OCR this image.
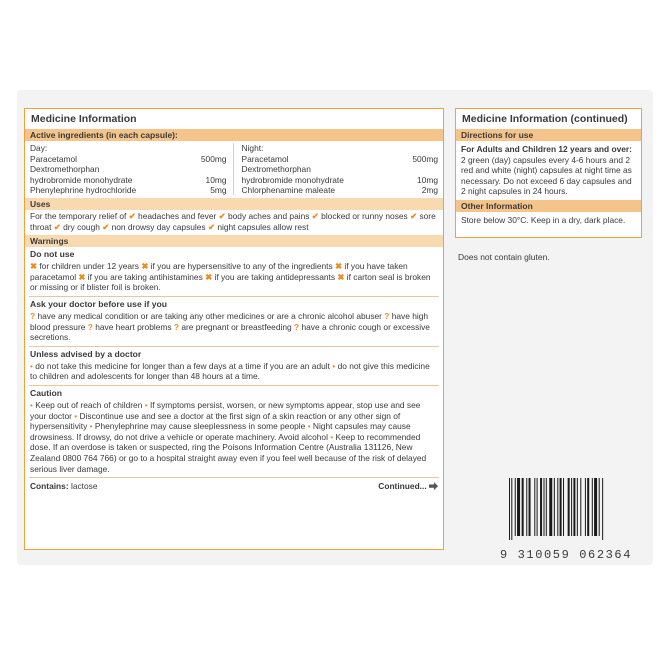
Medicine Information
Active ingredients (in each capsule):
Day:
Paracetamol	500mg
Dextromethorphan
hydrobromide monohydrate	10mg
Phenylephrine hydrochloride	5mg
Night:
Paracetamol	500mg
Dextromethorphan
hydrobromide monohydrate	10mg
Chlorphenamine maleate	2mg
Uses
For the temporary relief of ✔ headaches and fever ✔ body aches and pains ✔ blocked or runny noses ✔ sore throat ✔ dry cough ✔ non drowsy day capsules ✔ night capsules allow rest
Warnings
Do not use
✖ for children under 12 years ✖ if you are hypersensitive to any of the ingredients ✖ if you have taken paracetamol ✖ if you are taking antihistamines ✖ if you are taking antidepressants ✖ if carton seal is broken or missing or if blister foil is broken.
Ask your doctor before use if you
? have any medical condition or are taking any other medicines or are a chronic alcohol abuser ? have high blood pressure ? have heart problems ? are pregnant or breastfeeding ? have a chronic cough or excessive secretions.
Unless advised by a doctor
• do not take this medicine for longer than a few days at a time if you are an adult • do not give this medicine to children and adolescents for longer than 48 hours at a time.
Caution
• Keep out of reach of children • If symptoms persist, worsen, or new symptoms appear, stop use and see your doctor • Discontinue use and see a doctor at the first sign of a skin reaction or any other sign of hypersensitivity • Phenylephrine may cause sleeplessness in some people • Night capsules may cause drowsiness. If drowsy, do not drive a vehicle or operate machinery. Avoid alcohol • Keep to recommended dose. If an overdose is taken or suspected, ring the Poisons Information Centre (Australia 131126, New Zealand 0800 764 766) or go to a hospital straight away even if you feel well because of the risk of delayed serious liver damage.
Contains: lactose	Continued...
Medicine Information (continued)
Directions for use
For Adults and Children 12 years and over: 2 green (day) capsules every 4-6 hours and 2 red and white (night) capsules at night time as necessary. Do not exceed 6 day capsules and 2 night capsules in 24 hours.
Other Information
Store below 30°C. Keep in a dry, dark place.
Does not contain gluten.
9 310059 062364
